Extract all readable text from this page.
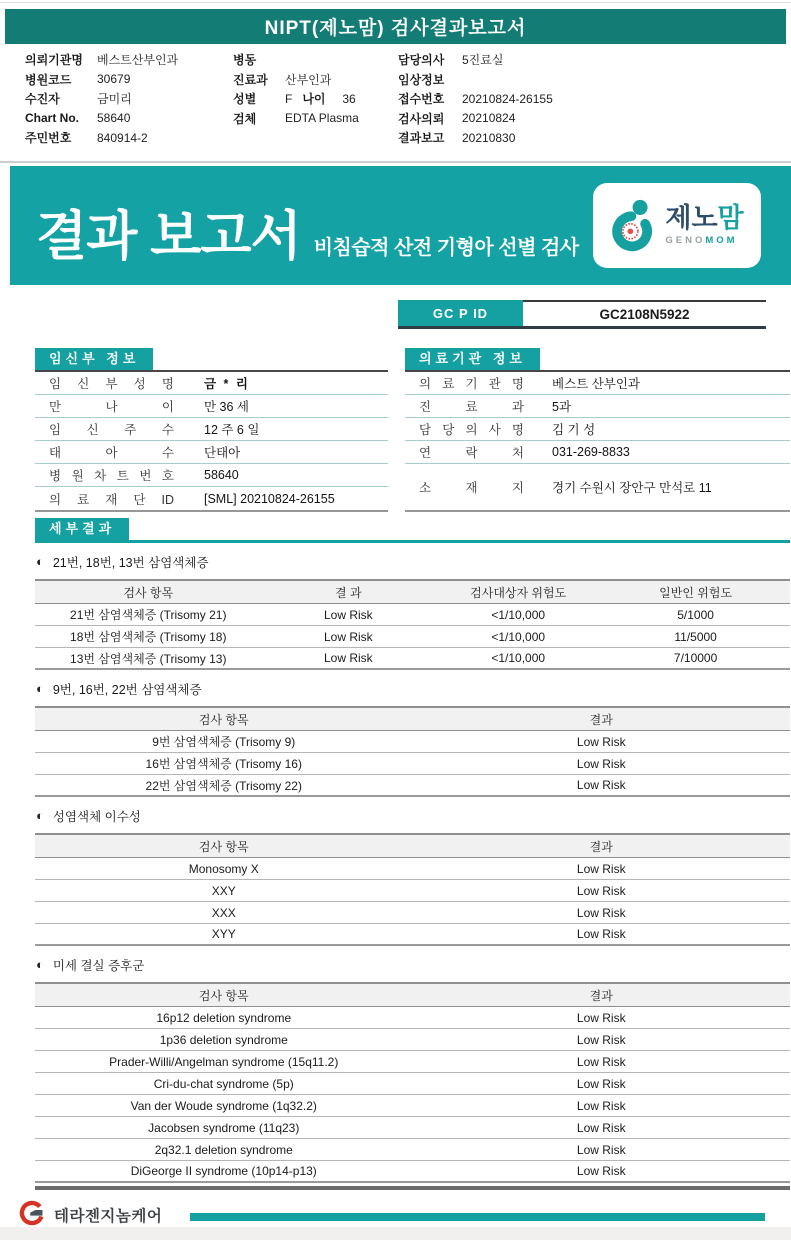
NIPT(제노맘) 검사결과보고서
의뢰기관명	베스트산부인과
병원코드	30679
수진자	금미리
Chart No.	58640
주민번호	840914-2
병동
진료과	산부인과
성별	F 나이	36
검체	EDTA Plasma
담당의사	5진료실
임상정보
접수번호	20210824-26155
검사의뢰	20210824
결과보고	20210830
결과 보고서 비침습적 산전 기형아 선별 검사
제노맘
GENOMOM
GC P ID	GC2108N5922
임신부 정보
임 신 부 성 명	금 * 리
만 나 이	만 36 세
임 신 주 수	12 주 6 일
태 아 수	단태아
병 원 차 트 번 호	58640
의 료 재 단 ID	[SML] 20210824-26155
의료기관 정보
의 료 기 관 명	베스트 산부인과
진 료 과	5과
담 당 의 사 명	김 기 성
연 락 처	031-269-8833
소 재 지	경기 수원시 장안구 만석로 11
세부결과
◐ 21번, 18번, 13번 삼염색체증
검사 항목	결 과	검사대상자 위험도	일반인 위험도
21번 삼염색체증 (Trisomy 21)	Low Risk	<1/10,000	5/1000
18번 삼염색체증 (Trisomy 18)	Low Risk	<1/10,000	11/5000
13번 삼염색체증 (Trisomy 13)	Low Risk	<1/10,000	7/10000
◐ 9번, 16번, 22번 삼염색체증
검사 항목	결과
9번 삼염색체증 (Trisomy 9)	Low Risk
16번 삼염색체증 (Trisomy 16)	Low Risk
22번 삼염색체증 (Trisomy 22)	Low Risk
◐ 성염색체 이수성
검사 항목	결과
Monosomy X	Low Risk
XXY	Low Risk
XXX	Low Risk
XYY	Low Risk
◐ 미세 결실 증후군
검사 항목	결과
16p12 deletion syndrome	Low Risk
1p36 deletion syndrome	Low Risk
Prader-Willi/Angelman syndrome (15q11.2)	Low Risk
Cri-du-chat syndrome (5p)	Low Risk
Van der Woude syndrome (1q32.2)	Low Risk
Jacobsen syndrome (11q23)	Low Risk
2q32.1 deletion syndrome	Low Risk
DiGeorge II syndrome (10p14-p13)	Low Risk
테라젠지놈케어
